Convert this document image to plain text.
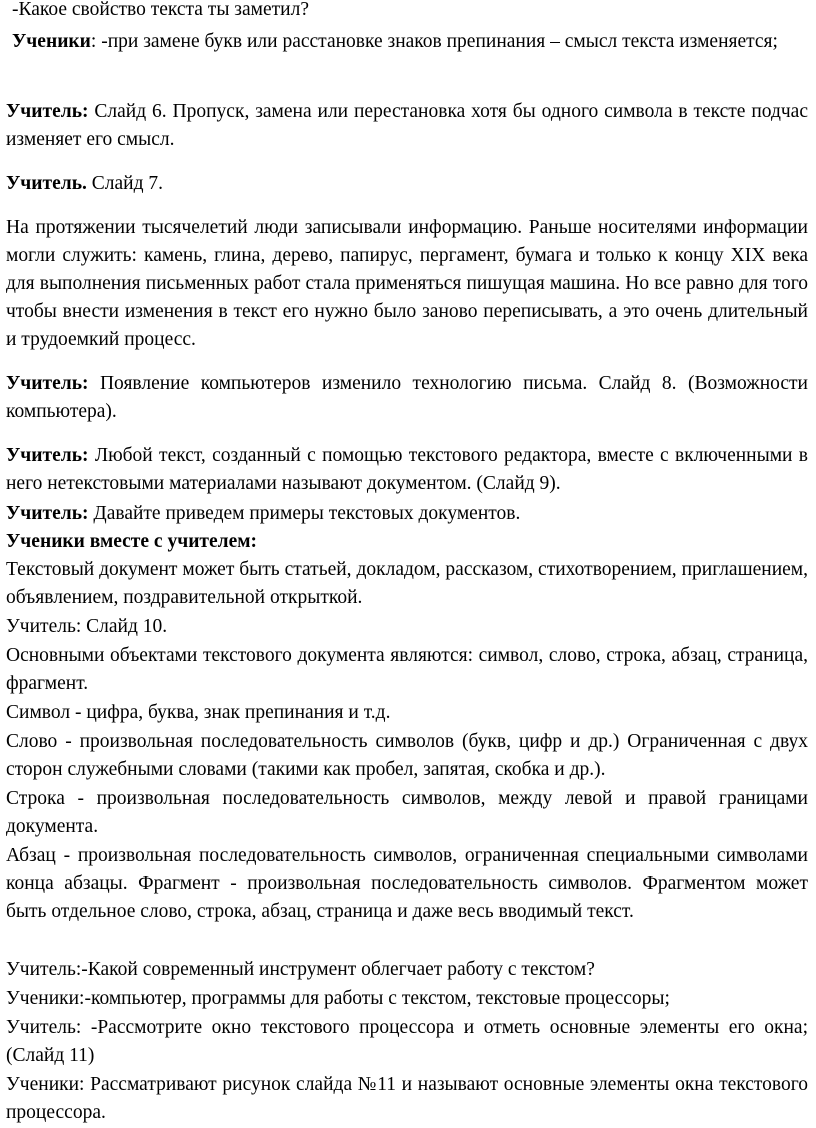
-Какое свойство текста ты заметил?

Ученики: -при замене букв или расстановке знаков препинания – смысл текста изменяется;

Учитель: Слайд 6. Пропуск, замена или перестановка хотя бы одного символа в тексте подчас изменяет его смысл.

Учитель. Слайд 7.

На протяжении тысячелетий люди записывали информацию. Раньше носителями информации могли служить: камень, глина, дерево, папирус, пергамент, бумага и только к концу XIX века для выполнения письменных работ стала применяться пишущая машина. Но все равно для того чтобы внести изменения в текст его нужно было заново переписывать, а это очень длительный и трудоемкий процесс.

Учитель: Появление компьютеров изменило технологию письма. Слайд 8. (Возможности компьютера).

Учитель: Любой текст, созданный с помощью текстового редактора, вместе с включенными в него нетекстовыми материалами называют документом. (Слайд 9).

Учитель: Давайте приведем примеры текстовых документов.

Ученики вместе с учителем:

Текстовый документ может быть статьей, докладом, рассказом, стихотворением, приглашением, объявлением, поздравительной открыткой.

Учитель: Слайд 10.

Основными объектами текстового документа являются: символ, слово, строка, абзац, страница, фрагмент.

Символ - цифра, буква, знак препинания и т.д.

Слово - произвольная последовательность символов (букв, цифр и др.) Ограниченная с двух сторон служебными словами (такими как пробел, запятая, скобка и др.).

Строка - произвольная последовательность символов, между левой и правой границами документа.

Абзац - произвольная последовательность символов, ограниченная специальными символами конца абзацы. Фрагмент - произвольная последовательность символов. Фрагментом может быть отдельное слово, строка, абзац, страница и даже весь вводимый текст.

Учитель:-Какой современный инструмент облегчает работу с текстом?

Ученики:-компьютер, программы для работы с текстом, текстовые процессоры;

Учитель: -Рассмотрите окно текстового процессора и отметь основные элементы его окна;(Слайд 11)

Ученики: Рассматривают рисунок слайда №11 и называют основные элементы окна текстового процессора.
